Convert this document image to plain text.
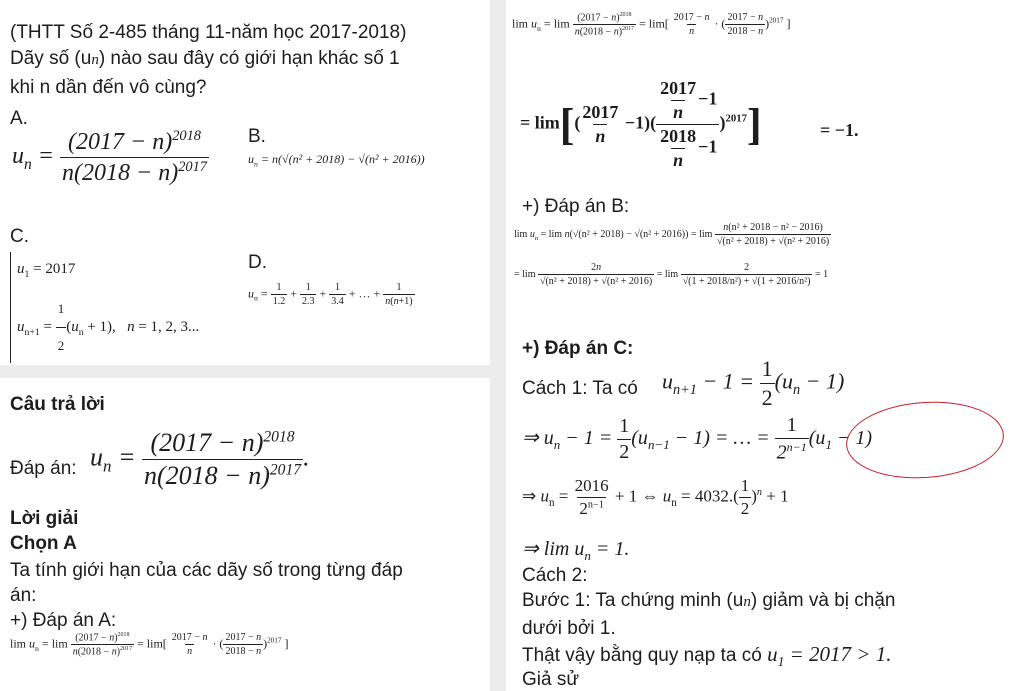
(THTT Số 2-485 tháng 11-năm học 2017-2018)
Dãy số (un) nào sau đây có giới hạn khác số 1
khi n dần đến vô cùng?
A.
$u_n = \frac{(2017 - n)^{2018}}{n(2018 - n)^{2017}} B$.
$u_n = n(√(n^2 + 2018) - √(n^2 + 2016))$
C.
$u_1 = 2017$
$u_{n+1} = \frac{1}{2} (u_n + 1)$,   n = 1, 2, 3...
D.
$u_n = \frac{1}{1.2} + \frac{1}{2.3} + \frac{1}{3.4}$ + … + $\frac{1}{n(n+1)}$
Câu trả lời
Đáp án: $u_n = \frac{(2017 - n)^{2018}}{n(2018 - n)^{2017}}$ .
Lời giải
Chọn A
Ta tính giới hạn của các dãy số trong từng đáp
án:
+) Đáp án A:
$\lim u_n = \lim \frac{(2017 - n)^{2018}}{n(2018 - n)^{2017}} = \lim[ \frac{2017 - n}{n}$ · ( $\frac{2017 - n}{2018 - n} )^{2017}$ ]
$\lim u_n = \lim \frac{(2017 - n)^{2018}}{n(2018 - n)^{2017}} = \lim[ \frac{2017 - n}{n}$ · ( $\frac{2017 - n}{2018 - n} )^{2017}$ ]
= $\lim[( \frac{2017}{n} -1)( \frac{\frac{2017}{n} -1}{\frac{2018}{n} -1} )^{2017}]$	= −1.
+) Đáp án B:
$\lim u_n = \lim n(√(n^2 + 2018) - √(n^2 + 2016)) = \lim \frac{\text{n(n² + 2018 − n² − 2016)}}{\text{√(n² + 2018) + √(n² + 2016)}}$
= $\lim \frac{2n}{\text{√(n² + 2018) + √(n² + 2016)}} = \lim \frac{2}{\text{√(1 + 2018/n²) + √(1 + 2016/n²)}} = 1$
+) Đáp án C:
Cách 1: Ta có $u_{n+1} - 1 = \frac{1}{2} (u_n - 1)$
⇒ $u_n - 1 = \frac{1}{2} (u_{n-1} - 1)$ = … = $\frac{1}{2^{n-1}} (u_1 - 1)$
⇒ $u_n = \frac{2016}{2^{n-1}} + 1$ ⇔ $u_n = 4032.( \frac{1}{2} )^n + 1$
⇒ $\lim u_n = 1$.
Cách 2:
Bước 1: Ta chứng minh (un) giảm và bị chặn
dưới bởi 1.
Thật vậy bằng quy nạp ta có $u_1 = 2017 > 1$.
Giả sử
